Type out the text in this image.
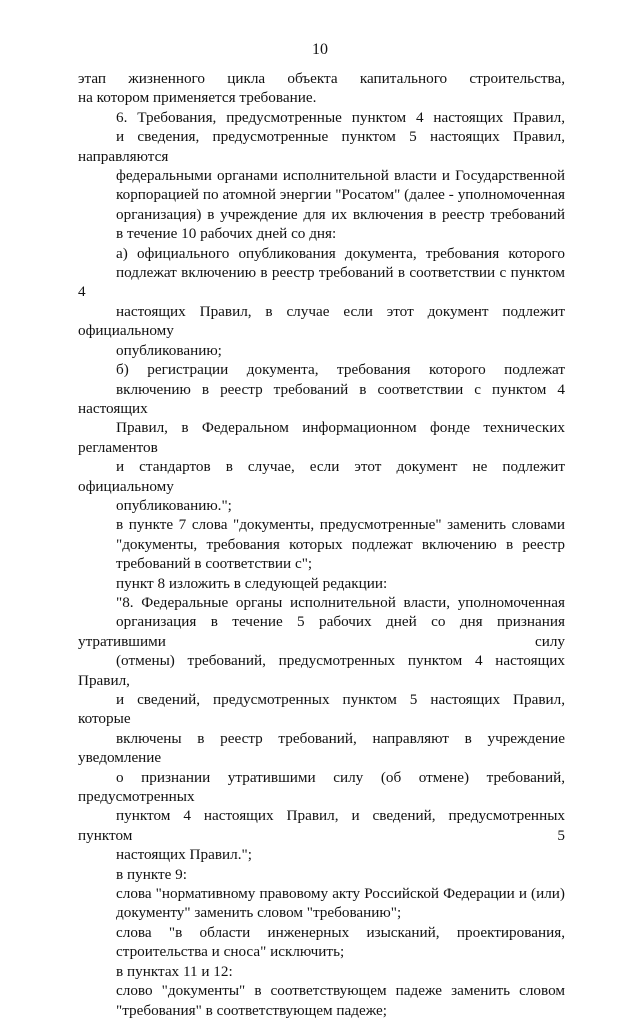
10

этап жизненного цикла объекта капитального строительства,
на котором применяется требование.

6. Требования, предусмотренные пунктом 4 настоящих Правил,
и сведения, предусмотренные пунктом 5 настоящих Правил, направляются
федеральными органами исполнительной власти и Государственной
корпорацией по атомной энергии "Росатом" (далее - уполномоченная
организация) в учреждение для их включения в реестр требований
в течение 10 рабочих дней со дня:

а) официального опубликования документа, требования которого
подлежат включению в реестр требований в соответствии с пунктом 4
настоящих Правил, в случае если этот документ подлежит официальному
опубликованию;

б) регистрации документа, требования которого подлежат
включению в реестр требований в соответствии с пунктом 4 настоящих
Правил, в Федеральном информационном фонде технических регламентов
и стандартов в случае, если этот документ не подлежит официальному
опубликованию.";

в пункте 7 слова "документы, предусмотренные" заменить словами
"документы, требования которых подлежат включению в реестр
требований в соответствии с";

пункт 8 изложить в следующей редакции:

"8. Федеральные органы исполнительной власти, уполномоченная
организация в течение 5 рабочих дней со дня признания утратившими силу
(отмены) требований, предусмотренных пунктом 4 настоящих Правил,
и сведений, предусмотренных пунктом 5 настоящих Правил, которые
включены в реестр требований, направляют в учреждение уведомление
о признании утратившими силу (об отмене) требований, предусмотренных
пунктом 4 настоящих Правил, и сведений, предусмотренных пунктом 5
настоящих Правил.";

в пункте 9:

слова "нормативному правовому акту Российской Федерации и (или)
документу" заменить словом "требованию";

слова "в области инженерных изысканий, проектирования,
строительства и сноса" исключить;

в пунктах 11 и 12:

слово "документы" в соответствующем падеже заменить словом
"требования" в соответствующем падеже;
